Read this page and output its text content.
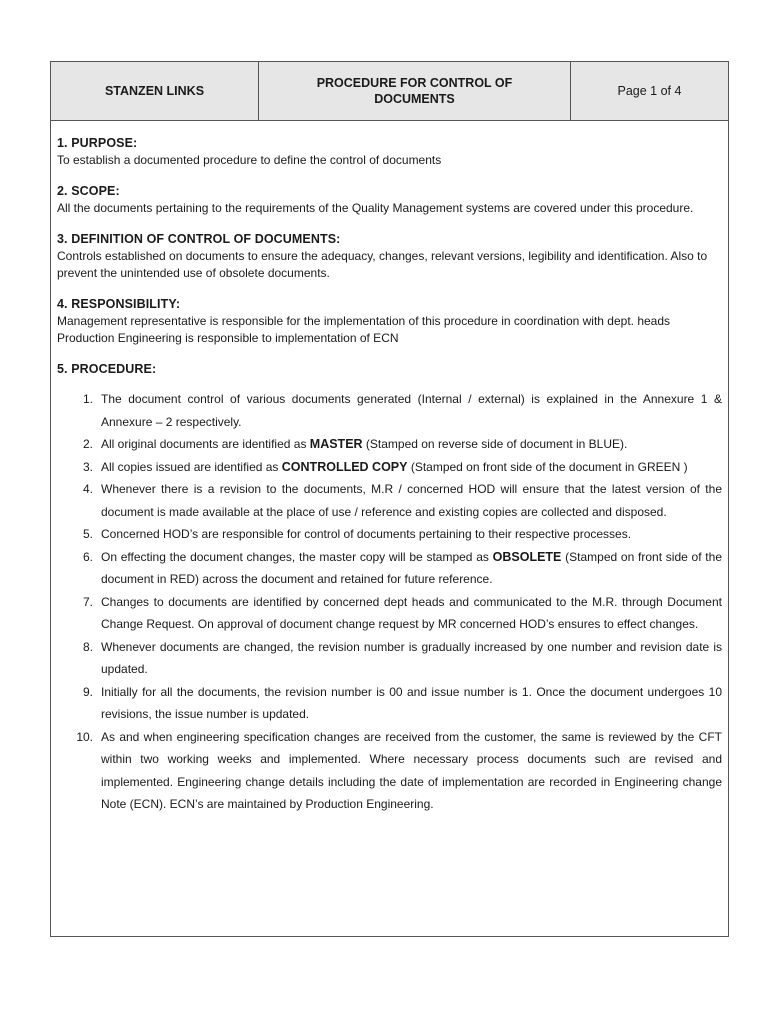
STANZEN LINKS
PROCEDURE FOR CONTROL OF DOCUMENTS
Page 1 of 4
1. PURPOSE:
To establish a documented procedure to define the control of documents
2. SCOPE:
All the documents pertaining to the requirements of the Quality Management systems are covered under this procedure.
3. DEFINITION OF CONTROL OF DOCUMENTS:
Controls established on documents to ensure the adequacy, changes, relevant versions, legibility and identification. Also to prevent the unintended use of obsolete documents.
4. RESPONSIBILITY:
Management representative is responsible for the implementation of this procedure in coordination with dept. heads
Production Engineering is responsible to implementation of ECN
5. PROCEDURE:
1. The document control of various documents generated (Internal / external) is explained in the Annexure 1 & Annexure – 2 respectively.
2. All original documents are identified as MASTER (Stamped on reverse side of document in BLUE).
3. All copies issued are identified as CONTROLLED COPY (Stamped on front side of the document in GREEN )
4. Whenever there is a revision to the documents, M.R / concerned HOD will ensure that the latest version of the document is made available at the place of use / reference and existing copies are collected and disposed.
5. Concerned HOD’s are responsible for control of documents pertaining to their respective processes.
6. On effecting the document changes, the master copy will be stamped as OBSOLETE (Stamped on front side of the document in RED) across the document and retained for future reference.
7. Changes to documents are identified by concerned dept heads and communicated to the M.R. through Document Change Request. On approval of document change request by MR concerned HOD’s ensures to effect changes.
8. Whenever documents are changed, the revision number is gradually increased by one number and revision date is updated.
9. Initially for all the documents, the revision number is 00 and issue number is 1. Once the document undergoes 10 revisions, the issue number is updated.
10. As and when engineering specification changes are received from the customer, the same is reviewed by the CFT within two working weeks and implemented. Where necessary process documents such are revised and implemented. Engineering change details including the date of implementation are recorded in Engineering change Note (ECN). ECN’s are maintained by Production Engineering.
